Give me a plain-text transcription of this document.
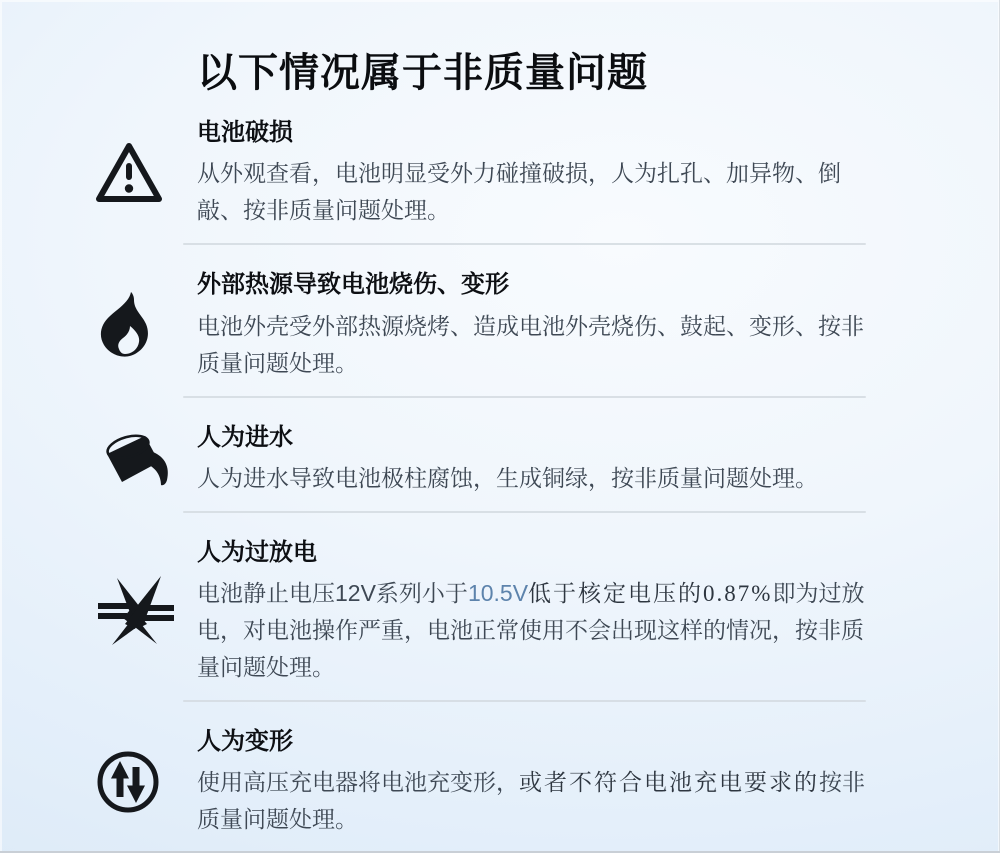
以下情况属于非质量问题
电池破损

从外观查看，电池明显受外力碰撞破损，人为扎孔、加异物、倒敲、按非质量问题处理。

外部热源导致电池烧伤、变形

电池外壳受外部热源烧烤、造成电池外壳烧伤、鼓起、变形、按非质量问题处理。

人为进水

人为进水导致电池极柱腐蚀，生成铜绿，按非质量问题处理。

人为过放电

电池静止电压12V系列小于10.5V低于核定电压的0.87%即为过放电，对电池操作严重，电池正常使用不会出现这样的情况，按非质量问题处理。

人为变形

使用高压充电器将电池充变形，或者不符合电池充电要求的按非质量问题处理。
